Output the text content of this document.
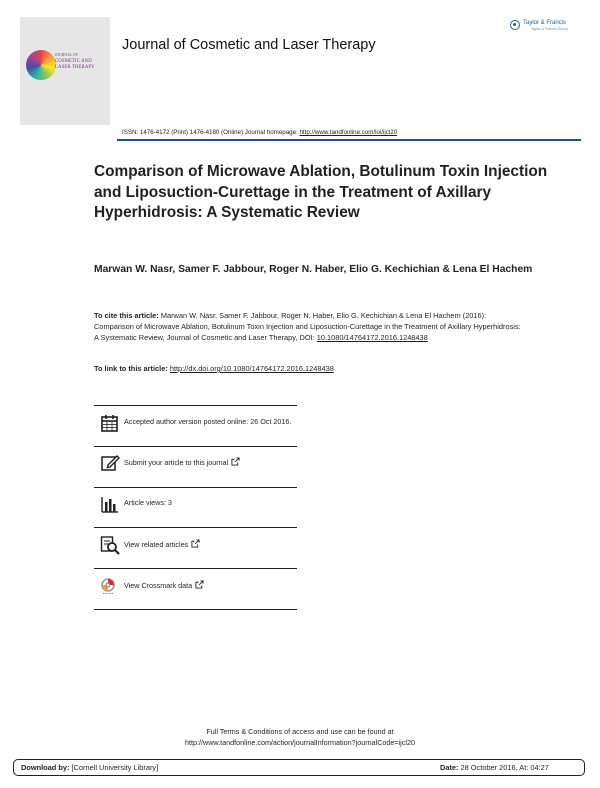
JOURNAL OF
COSMETIC AND
LASER THERAPY
Journal of Cosmetic and Laser Therapy
Taylor & Francis
Taylor & Francis Group
ISSN: 1476-4172 (Print) 1476-4180 (Online) Journal homepage: http://www.tandfonline.com/loi/ijcl20
Comparison of Microwave Ablation, Botulinum Toxin Injection and Liposuction-Curettage in the Treatment of Axillary Hyperhidrosis: A Systematic Review
Marwan W. Nasr, Samer F. Jabbour, Roger N. Haber, Elio G. Kechichian & Lena El Hachem
To cite this article: Marwan W. Nasr, Samer F. Jabbour, Roger N. Haber, Elio G. Kechichian & Lena El Hachem (2016): Comparison of Microwave Ablation, Botulinum Toxin Injection and Liposuction-Curettage in the Treatment of Axillary Hyperhidrosis: A Systematic Review, Journal of Cosmetic and Laser Therapy, DOI: 10.1080/14764172.2016.1248438
To link to this article: http://dx.doi.org/10.1080/14764172.2016.1248438
Accepted author version posted online: 26 Oct 2016.
Submit your article to this journal
Article views: 3
View related articles
View Crossmark data
Full Terms & Conditions of access and use can be found at
http://www.tandfonline.com/action/journalInformation?journalCode=ijcl20
Download by: [Cornell University Library]	Date: 28 October 2016, At: 04:27
